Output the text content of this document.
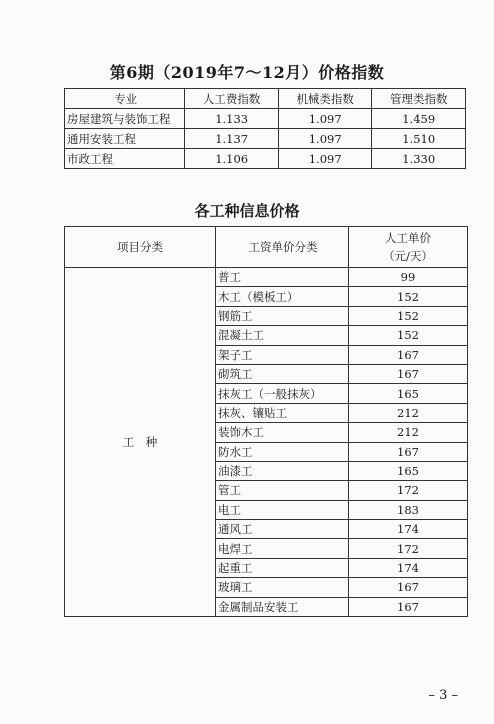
第6期（2019年7～12月）价格指数
专业	人工费指数	机械类指数	管理类指数
房屋建筑与装饰工程	1.133	1.097	1.459
通用安装工程	1.137	1.097	1.510
市政工程	1.106	1.097	1.330
各工种信息价格
项目分类	工资单价分类	人工单价
（元/天）

工　种	普工	99
	木工（模板工）	152
	钢筋工	152
	混凝土工	152
	架子工	167
	砌筑工	167
	抹灰工（一般抹灰）	165
	抹灰、镶贴工	212
	装饰木工	212
	防水工	167
	油漆工	165
	管工	172
	电工	183
	通风工	174
	电焊工	172
	起重工	174
	玻璃工	167
	金属制品安装工	167
– 3 –
